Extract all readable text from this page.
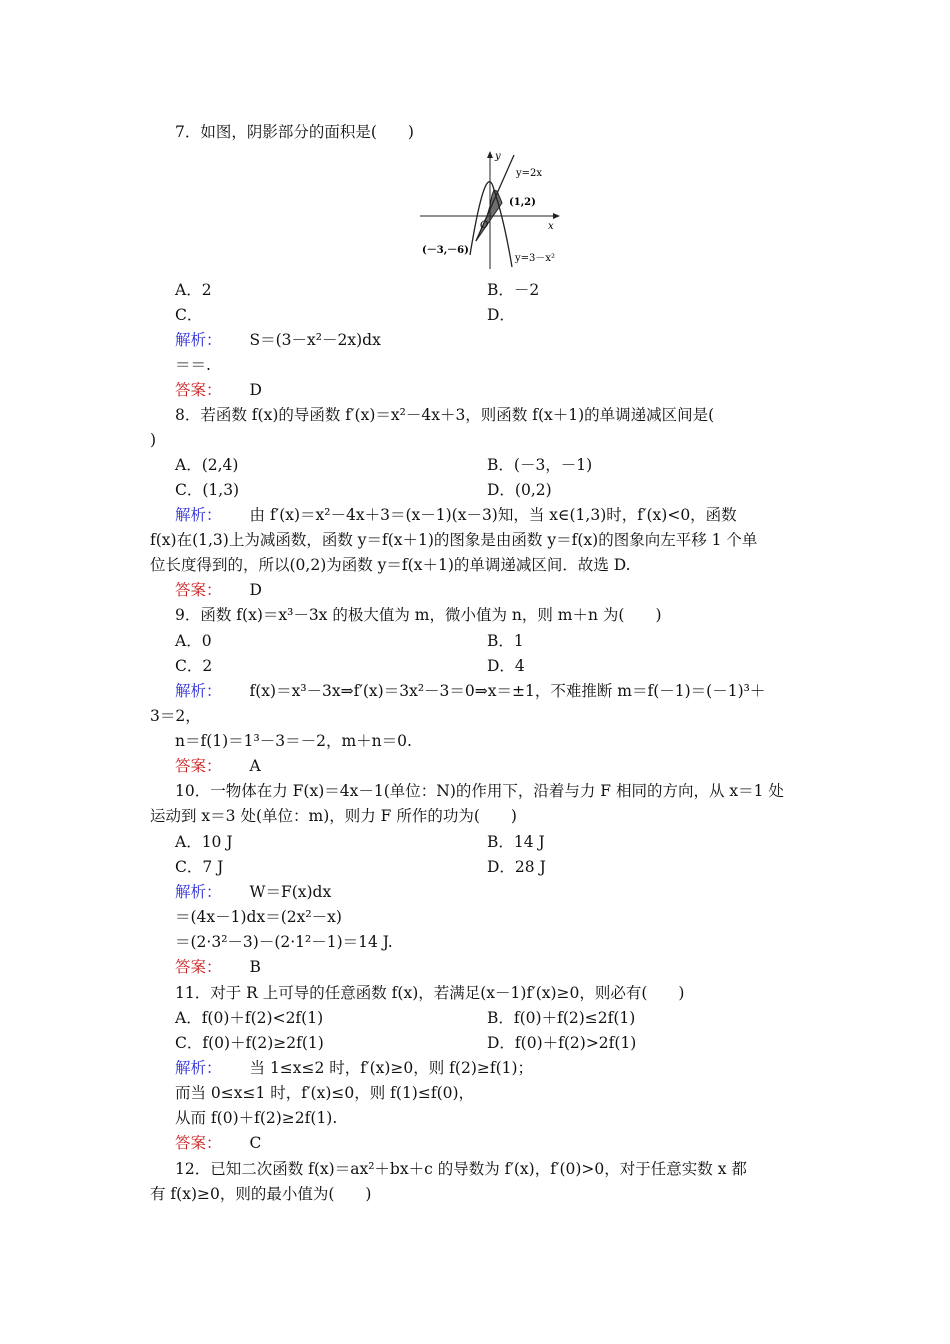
7．如图，阴影部分的面积是(　　)
y
x
y=2x
(1,2)
O
(－3,－6)
y=3－x²
A．2	B．－2
C．	D．
解析： S＝(3－x²－2x)dx
＝＝.
答案： D
8．若函数 f(x)的导函数 f′(x)＝x²－4x＋3，则函数 f(x＋1)的单调递减区间是(
)
A．(2,4)	B．(－3，－1)
C．(1,3)	D．(0,2)
解析： 由 f′(x)＝x²－4x＋3＝(x－1)(x－3)知，当 x∈(1,3)时，f′(x)<0，函数
f(x)在(1,3)上为减函数，函数 y＝f(x＋1)的图象是由函数 y＝f(x)的图象向左平移 1 个单
位长度得到的，所以(0,2)为函数 y＝f(x＋1)的单调递减区间．故选 D.
答案： D
9．函数 f(x)＝x³－3x 的极大值为 m，微小值为 n，则 m＋n 为(　　)
A．0	B．1
C．2	D．4
解析： f(x)＝x³－3x⇒f′(x)＝3x²－3＝0⇒x＝±1，不难推断 m＝f(－1)＝(－1)³＋
3＝2，
n＝f(1)＝1³－3＝－2，m＋n＝0.
答案： A
10．一物体在力 F(x)＝4x－1(单位：N)的作用下，沿着与力 F 相同的方向，从 x＝1 处
运动到 x＝3 处(单位：m)，则力 F 所作的功为(　　)
A．10 J	B．14 J
C．7 J	D．28 J
解析： W＝F(x)dx
＝(4x－1)dx＝(2x²－x)
＝(2·3²－3)－(2·1²－1)＝14 J.
答案： B
11．对于 R 上可导的任意函数 f(x)，若满足(x－1)f′(x)≥0，则必有(　　)
A．f(0)＋f(2)<2f(1)	B．f(0)＋f(2)≤2f(1)
C．f(0)＋f(2)≥2f(1)	D．f(0)＋f(2)>2f(1)
解析： 当 1≤x≤2 时，f′(x)≥0，则 f(2)≥f(1)；
而当 0≤x≤1 时，f′(x)≤0，则 f(1)≤f(0)，
从而 f(0)＋f(2)≥2f(1).
答案： C
12．已知二次函数 f(x)＝ax²＋bx＋c 的导数为 f′(x)，f′(0)>0，对于任意实数 x 都
有 f(x)≥0，则的最小值为(　　)
